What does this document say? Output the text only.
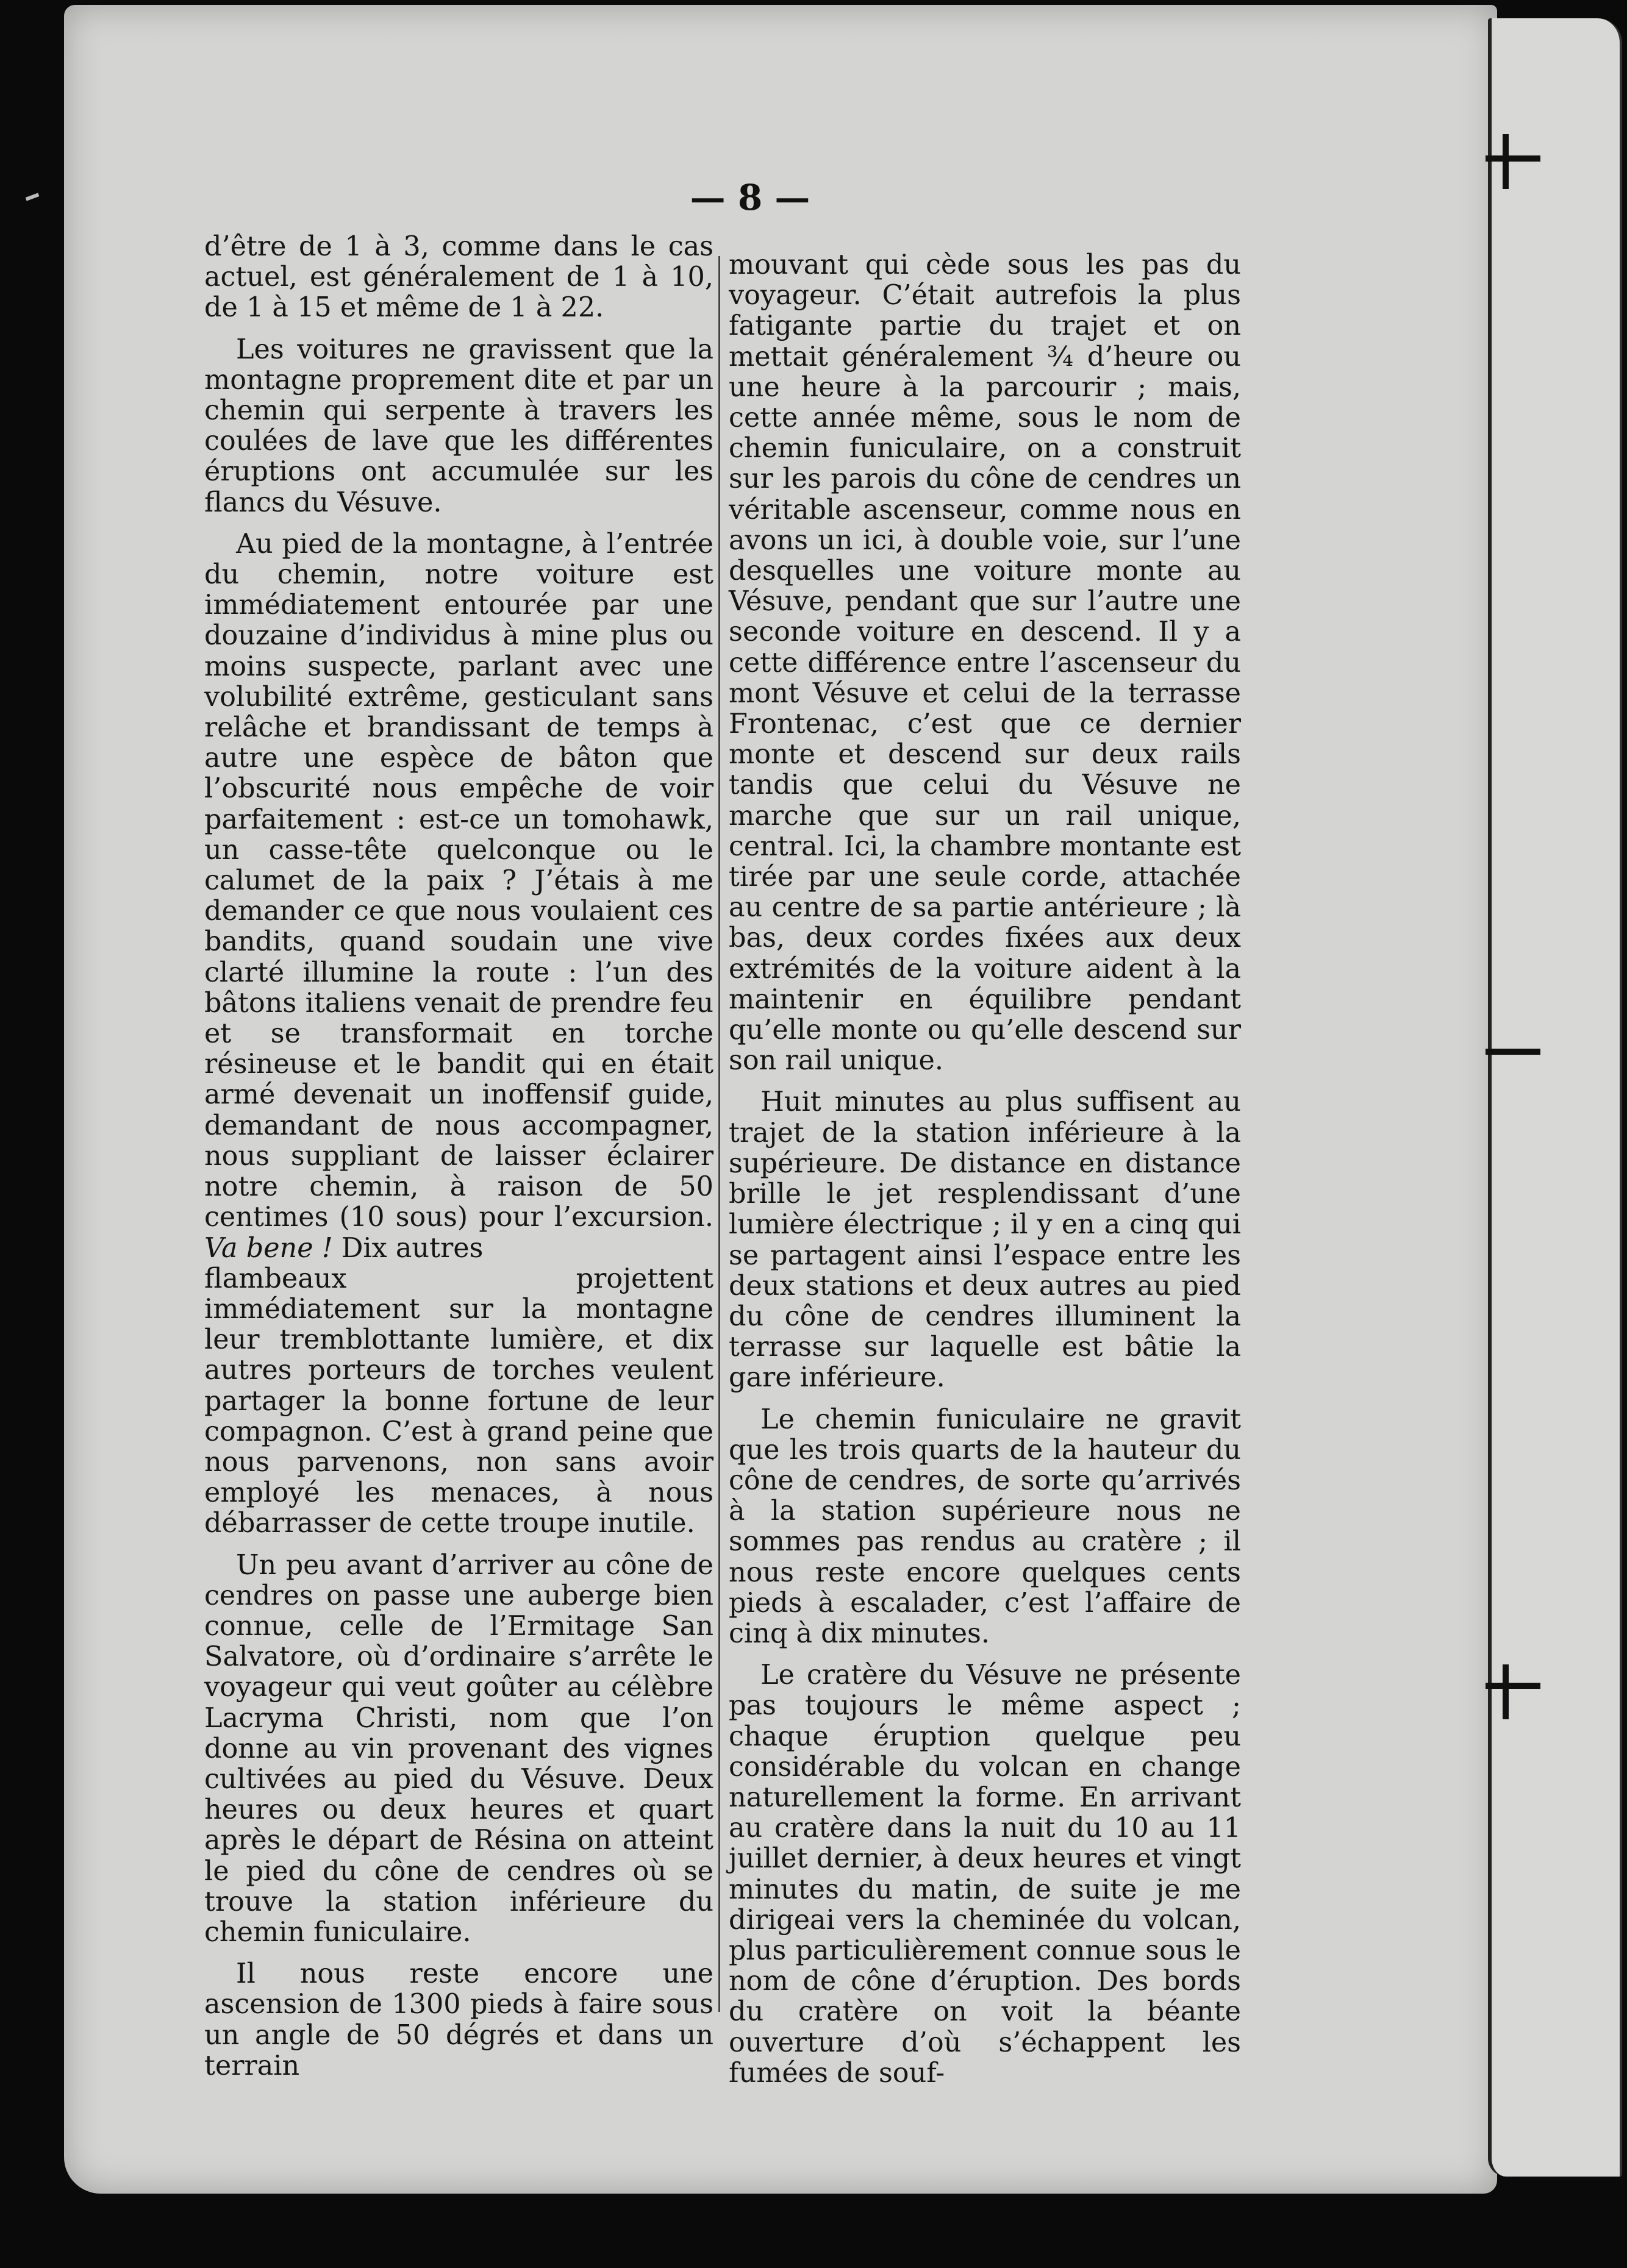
— 8 —

d’être de 1 à 3, comme dans le cas actuel, est généralement de 1 à 10, de 1 à 15 et même de 1 à 22.

Les voitures ne gravissent que la montagne proprement dite et par un chemin qui serpente à travers les coulées de lave que les différentes éruptions ont accumulée sur les flancs du Vésuve.

Au pied de la montagne, à l’entrée du chemin, notre voiture est immédiatement entourée par une douzaine d’individus à mine plus ou moins suspecte, parlant avec une volubilité extrême, gesticulant sans relâche et brandissant de temps à autre une espèce de bâton que l’obscurité nous empêche de voir parfaitement : est-ce un tomohawk, un casse-tête quelconque ou le calumet de la paix ? J’étais à me demander ce que nous voulaient ces bandits, quand soudain une vive clarté illumine la route : l’un des bâtons italiens venait de prendre feu et se transformait en torche résineuse et le bandit qui en était armé devenait un inoffensif guide, demandant de nous accompagner, nous suppliant de laisser éclairer notre chemin, à raison de 50 centimes (10 sous) pour l’excursion. Va bene ! Dix autres

flambeaux projettent immédiatement sur la montagne leur tremblottante lumière, et dix autres porteurs de torches veulent partager la bonne fortune de leur compagnon. C’est à grand peine que nous parvenons, non sans avoir employé les menaces, à nous débarrasser de cette troupe inutile.

Un peu avant d’arriver au cône de cendres on passe une auberge bien connue, celle de l’Ermitage San Salvatore, où d’ordinaire s’arrête le voyageur qui veut goûter au célèbre Lacryma Christi, nom que l’on donne au vin provenant des vignes cultivées au pied du Vésuve. Deux heures ou deux heures et quart après le départ de Résina on atteint le pied du cône de cendres où se trouve la station inférieure du chemin funiculaire.

Il nous reste encore une ascension de 1300 pieds à faire sous un angle de 50 dégrés et dans un terrain

mouvant qui cède sous les pas du voyageur. C’était autrefois la plus fatigante partie du trajet et on mettait généralement ¾ d’heure ou une heure à la parcourir ; mais, cette année même, sous le nom de chemin funiculaire, on a construit sur les parois du cône de cendres un véritable ascenseur, comme nous en avons un ici, à double voie, sur l’une desquelles une voiture monte au Vésuve, pendant que sur l’autre une seconde voiture en descend. Il y a cette différence entre l’ascenseur du mont Vésuve et celui de la terrasse Frontenac, c’est que ce dernier monte et descend sur deux rails tandis que celui du Vésuve ne marche que sur un rail unique, central. Ici, la chambre montante est tirée par une seule corde, attachée au centre de sa partie antérieure ; là bas, deux cordes fixées aux deux extrémités de la voiture aident à la maintenir en équilibre pendant qu’elle monte ou qu’elle descend sur son rail unique.

Huit minutes au plus suffisent au trajet de la station inférieure à la supérieure. De distance en distance brille le jet resplendissant d’une lumière électrique ; il y en a cinq qui se partagent ainsi l’espace entre les deux stations et deux autres au pied du cône de cendres illuminent la terrasse sur laquelle est bâtie la gare inférieure.

Le chemin funiculaire ne gravit que les trois quarts de la hauteur du cône de cendres, de sorte qu’arrivés à la station supérieure nous ne sommes pas rendus au cratère ; il nous reste encore quelques cents pieds à escalader, c’est l’affaire de cinq à dix minutes.

Le cratère du Vésuve ne présente pas toujours le même aspect ; chaque éruption quelque peu considérable du volcan en change naturellement la forme. En arrivant au cratère dans la nuit du 10 au 11 juillet dernier, à deux heures et vingt minutes du matin, de suite je me dirigeai vers la cheminée du volcan, plus particulièrement connue sous le nom de cône d’éruption. Des bords du cratère on voit la béante ouverture d’où s’échappent les fumées de souf-
